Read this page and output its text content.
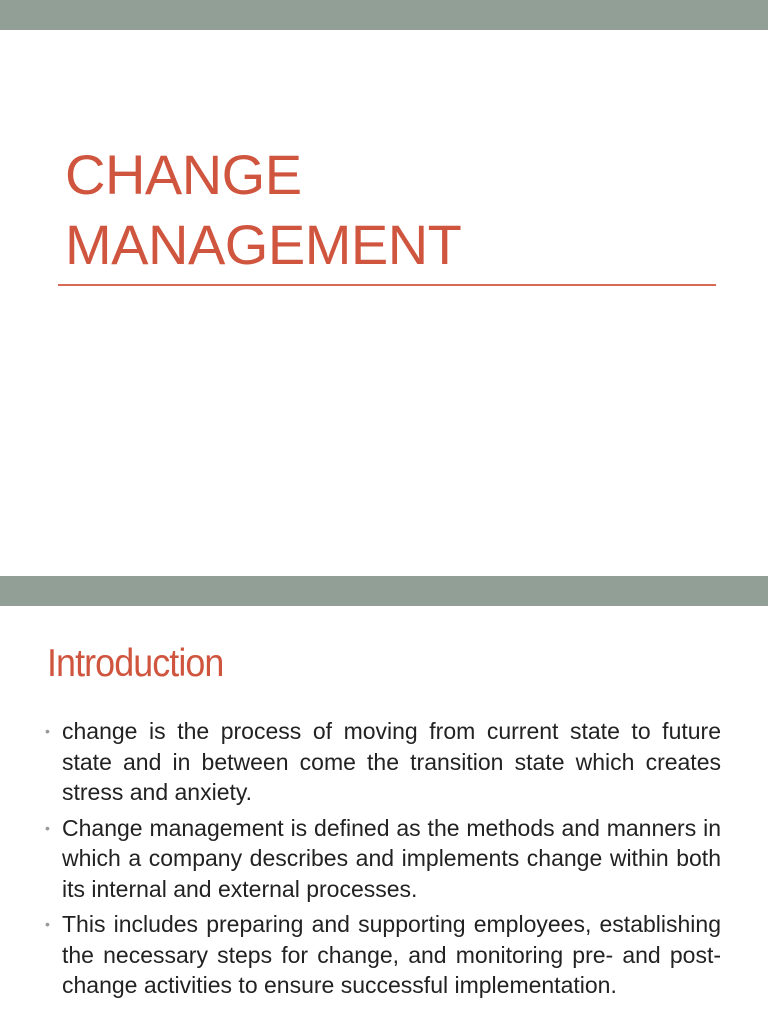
CHANGE
MANAGEMENT
Introduction
• change is the process of moving from current state to future state and in between come the transition state which creates stress and anxiety.
• Change management is defined as the methods and manners in which a company describes and implements change within both its internal and external processes.
• This includes preparing and supporting employees, establishing the necessary steps for change, and monitoring pre- and post-change activities to ensure successful implementation.
